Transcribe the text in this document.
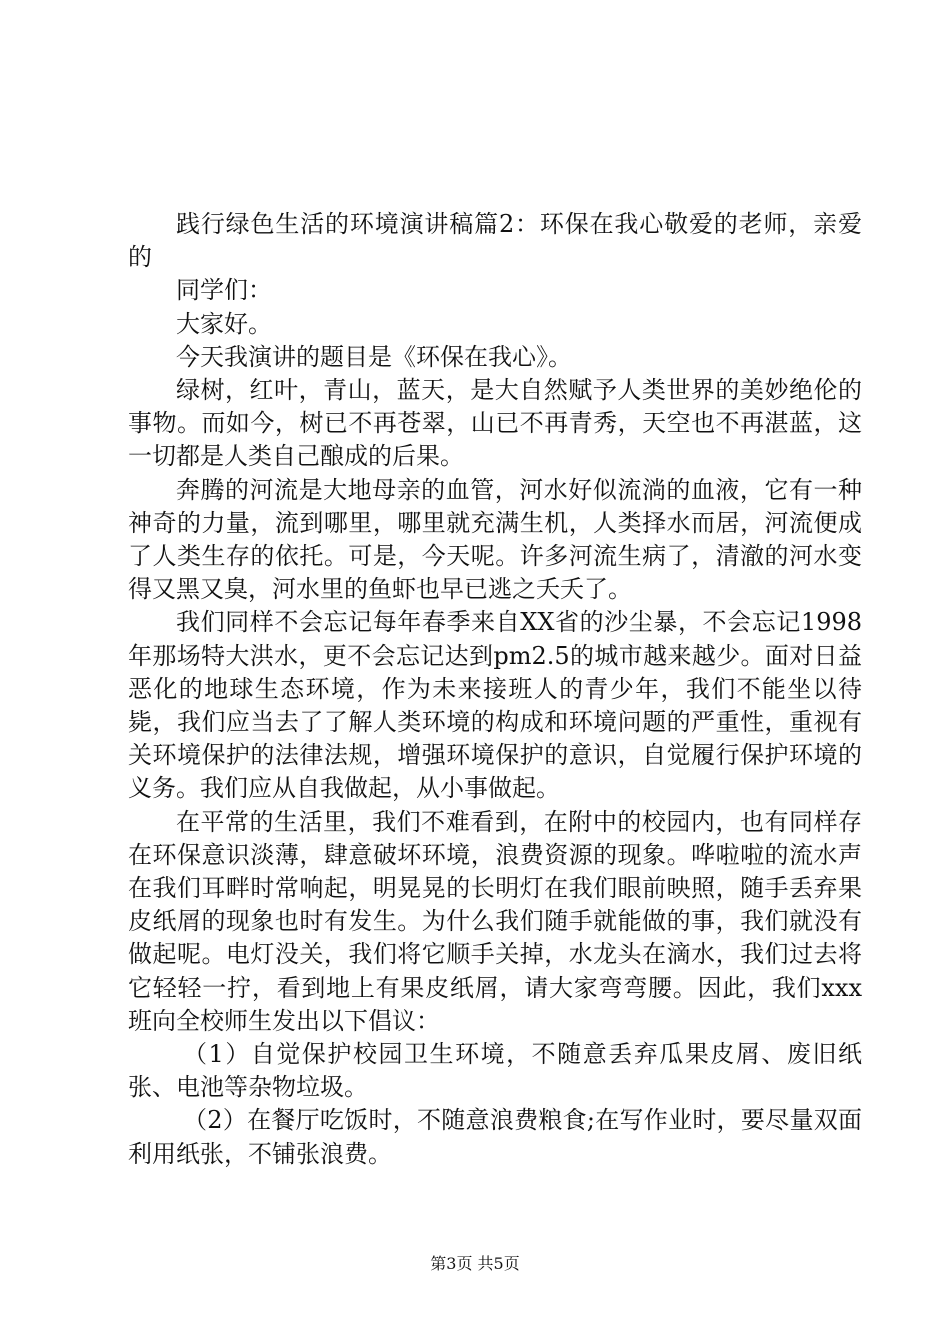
践行绿色生活的环境演讲稿篇2：环保在我心敬爱的老师，亲爱的

同学们：

大家好。

今天我演讲的题目是《环保在我心》。

绿树，红叶，青山，蓝天，是大自然赋予人类世界的美妙绝伦的事物。而如今，树已不再苍翠，山已不再青秀，天空也不再湛蓝，这一切都是人类自己酿成的后果。

奔腾的河流是大地母亲的血管，河水好似流淌的血液，它有一种神奇的力量，流到哪里，哪里就充满生机，人类择水而居，河流便成了人类生存的依托。可是，今天呢。许多河流生病了，清澈的河水变得又黑又臭，河水里的鱼虾也早已逃之夭夭了。

我们同样不会忘记每年春季来自XX省的沙尘暴，不会忘记1998年那场特大洪水，更不会忘记达到pm2.5的城市越来越少。面对日益恶化的地球生态环境，作为未来接班人的青少年，我们不能坐以待毙，我们应当去了了解人类环境的构成和环境问题的严重性，重视有关环境保护的法律法规，增强环境保护的意识，自觉履行保护环境的义务。我们应从自我做起，从小事做起。

在平常的生活里，我们不难看到，在附中的校园内，也有同样存在环保意识淡薄，肆意破坏环境，浪费资源的现象。哗啦啦的流水声在我们耳畔时常响起，明晃晃的长明灯在我们眼前映照，随手丢弃果皮纸屑的现象也时有发生。为什么我们随手就能做的事，我们就没有做起呢。电灯没关，我们将它顺手关掉，水龙头在滴水，我们过去将它轻轻一拧，看到地上有果皮纸屑，请大家弯弯腰。因此，我们xxx班向全校师生发出以下倡议：

（1）自觉保护校园卫生环境，不随意丢弃瓜果皮屑、废旧纸张、电池等杂物垃圾。

（2）在餐厅吃饭时，不随意浪费粮食;在写作业时，要尽量双面利用纸张，不铺张浪费。

第3页 共5页
